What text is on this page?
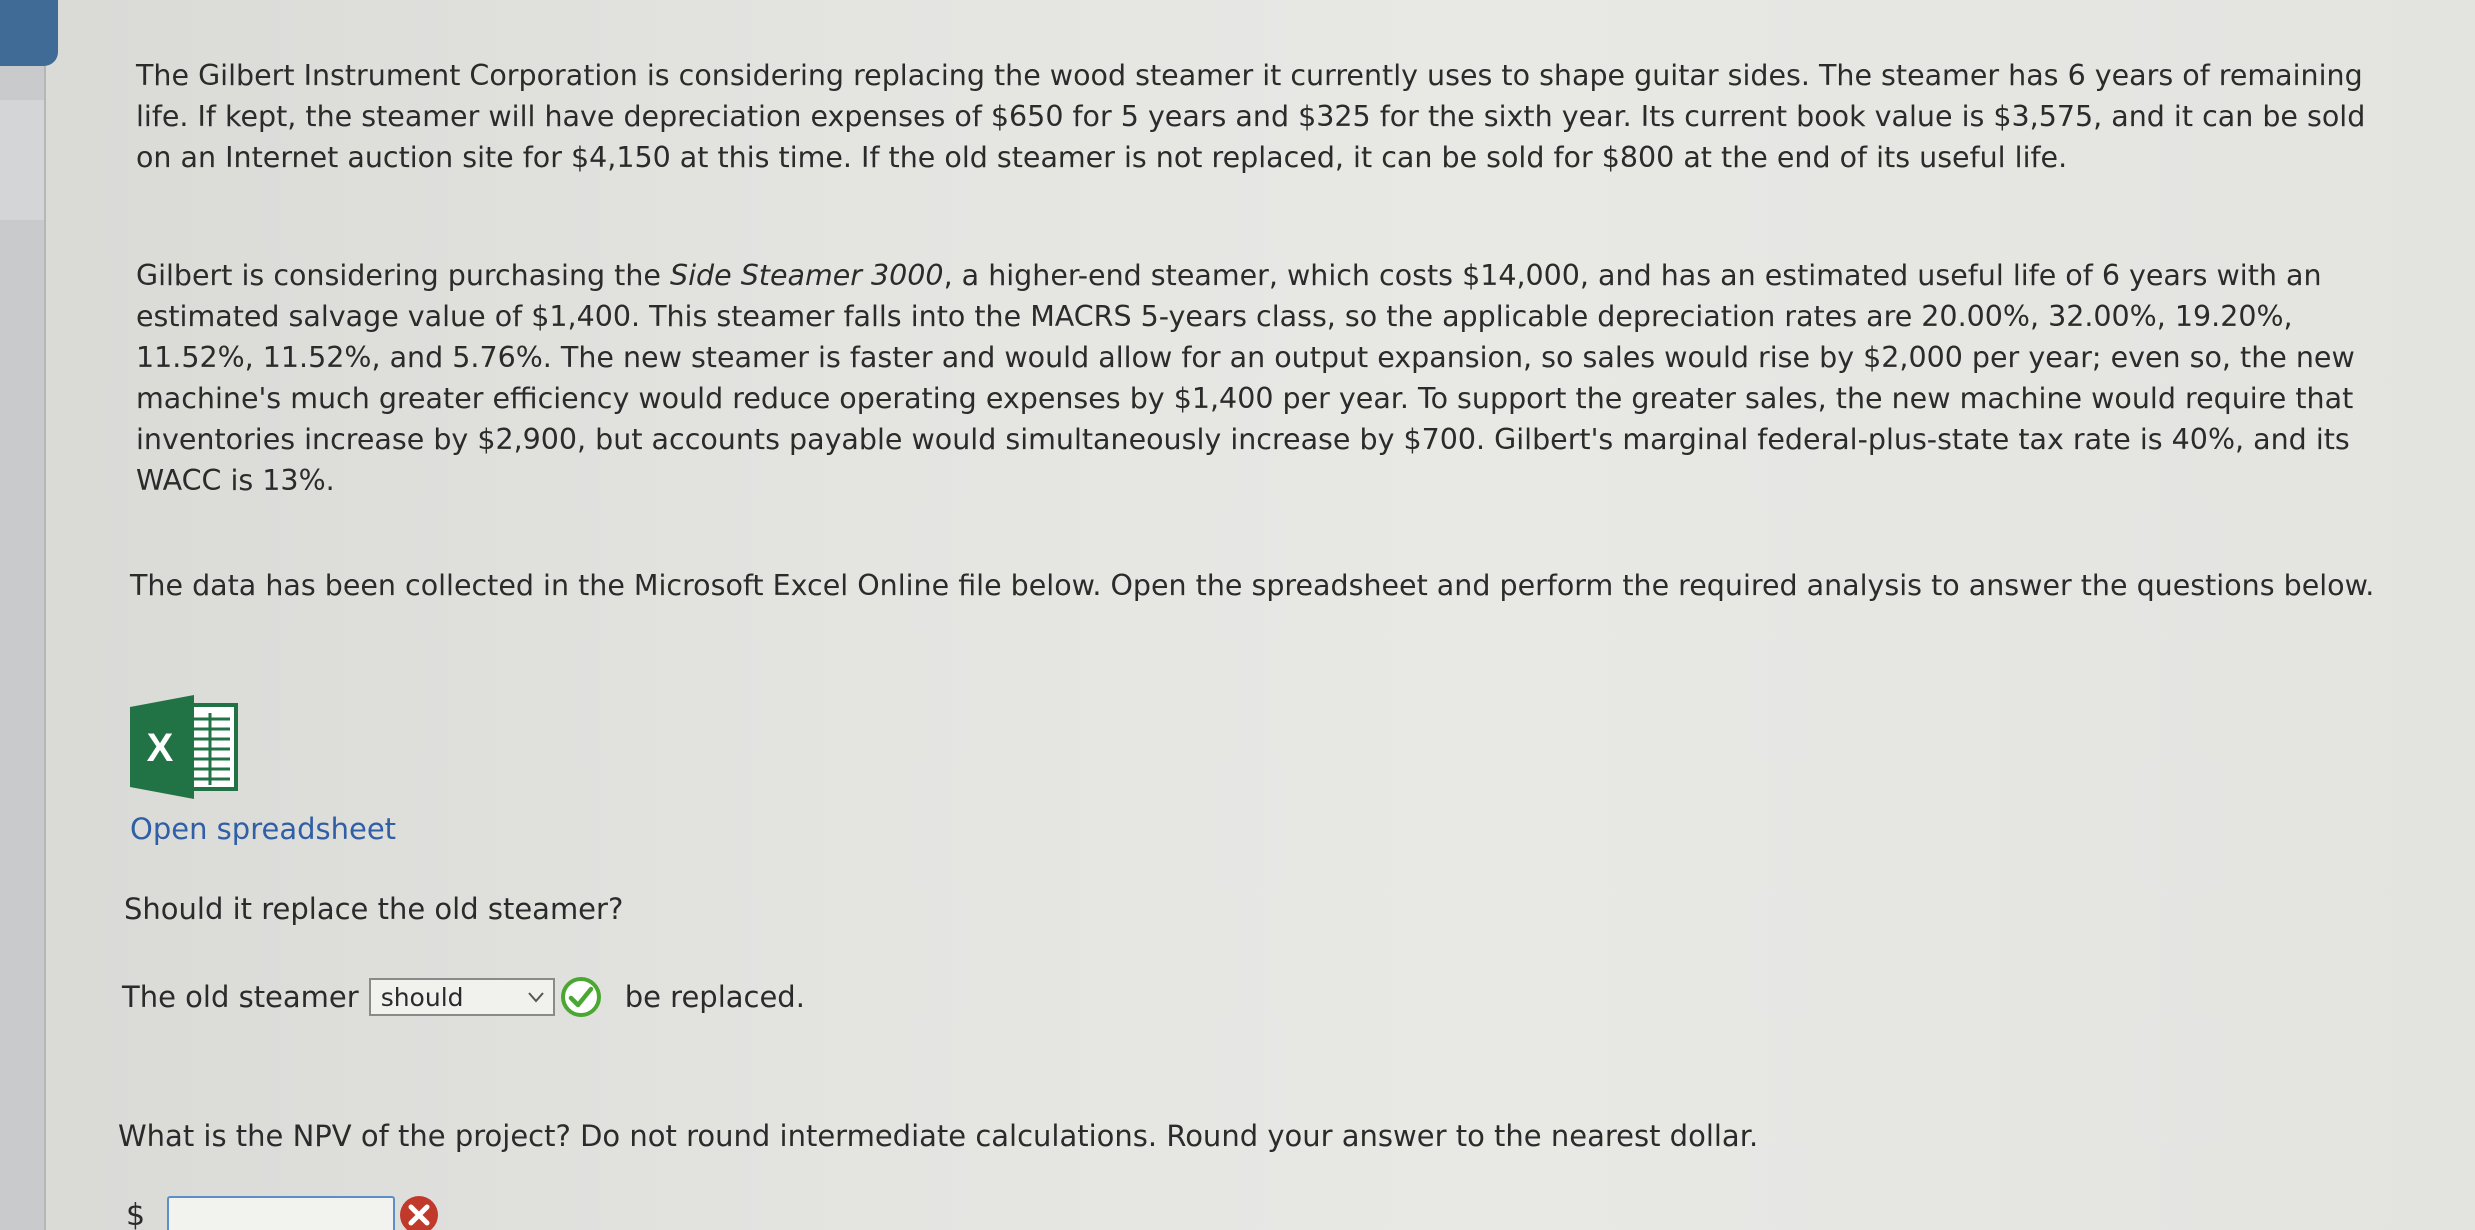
The Gilbert Instrument Corporation is considering replacing the wood steamer it currently uses to shape guitar sides. The steamer has 6 years of remaining life. If kept, the steamer will have depreciation expenses of $650 for 5 years and $325 for the sixth year. Its current book value is $3,575, and it can be sold on an Internet auction site for $4,150 at this time. If the old steamer is not replaced, it can be sold for $800 at the end of its useful life.

Gilbert is considering purchasing the Side Steamer 3000, a higher-end steamer, which costs $14,000, and has an estimated useful life of 6 years with an estimated salvage value of $1,400. This steamer falls into the MACRS 5-years class, so the applicable depreciation rates are 20.00%, 32.00%, 19.20%, 11.52%, 11.52%, and 5.76%. The new steamer is faster and would allow for an output expansion, so sales would rise by $2,000 per year; even so, the new machine's much greater efficiency would reduce operating expenses by $1,400 per year. To support the greater sales, the new machine would require that inventories increase by $2,900, but accounts payable would simultaneously increase by $700. Gilbert's marginal federal-plus-state tax rate is 40%, and its WACC is 13%.

The data has been collected in the Microsoft Excel Online file below. Open the spreadsheet and perform the required analysis to answer the questions below.

X
Open spreadsheet
Should it replace the old steamer?
The old steamer should	be replaced.
What is the NPV of the project? Do not round intermediate calculations. Round your answer to the nearest dollar.
$
